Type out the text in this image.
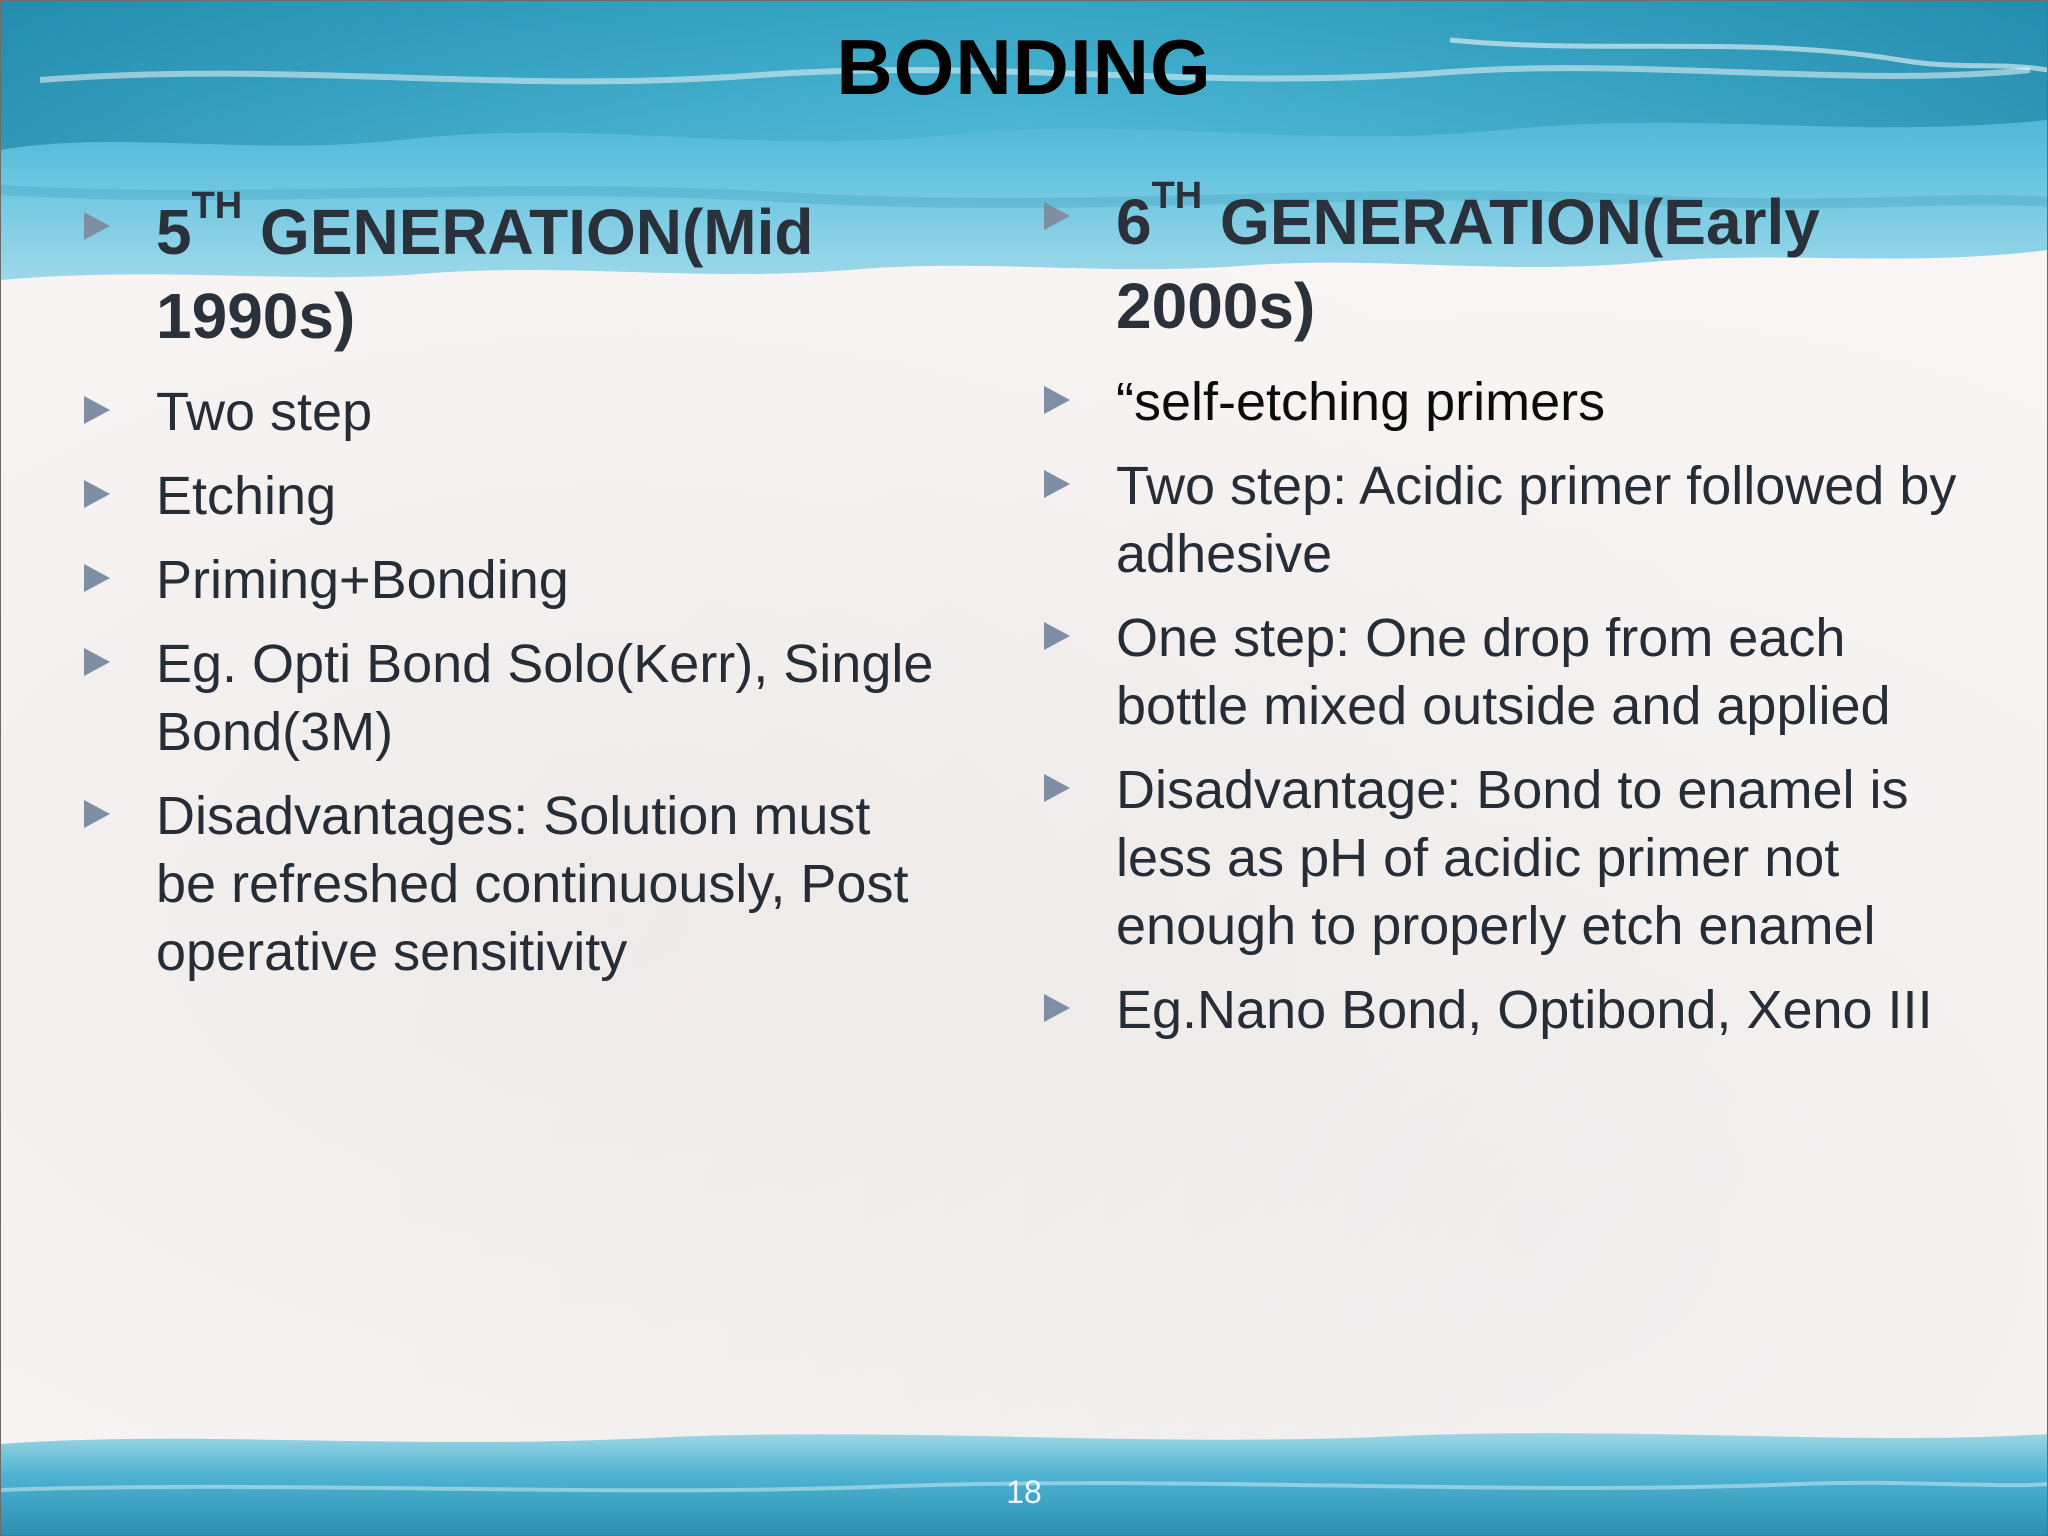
BONDING
5TH GENERATION(Mid 1990s)
Two step
Etching
Priming+Bonding
Eg. Opti Bond Solo(Kerr), Single Bond(3M)
Disadvantages: Solution must be refreshed continuously, Post operative sensitivity
6TH GENERATION(Early 2000s)
“self-etching primers
Two step: Acidic primer followed by adhesive
One step: One drop from each bottle mixed outside and applied
Disadvantage: Bond to enamel is less as pH of acidic primer not enough to properly etch enamel
Eg.Nano Bond, Optibond, Xeno III
18
